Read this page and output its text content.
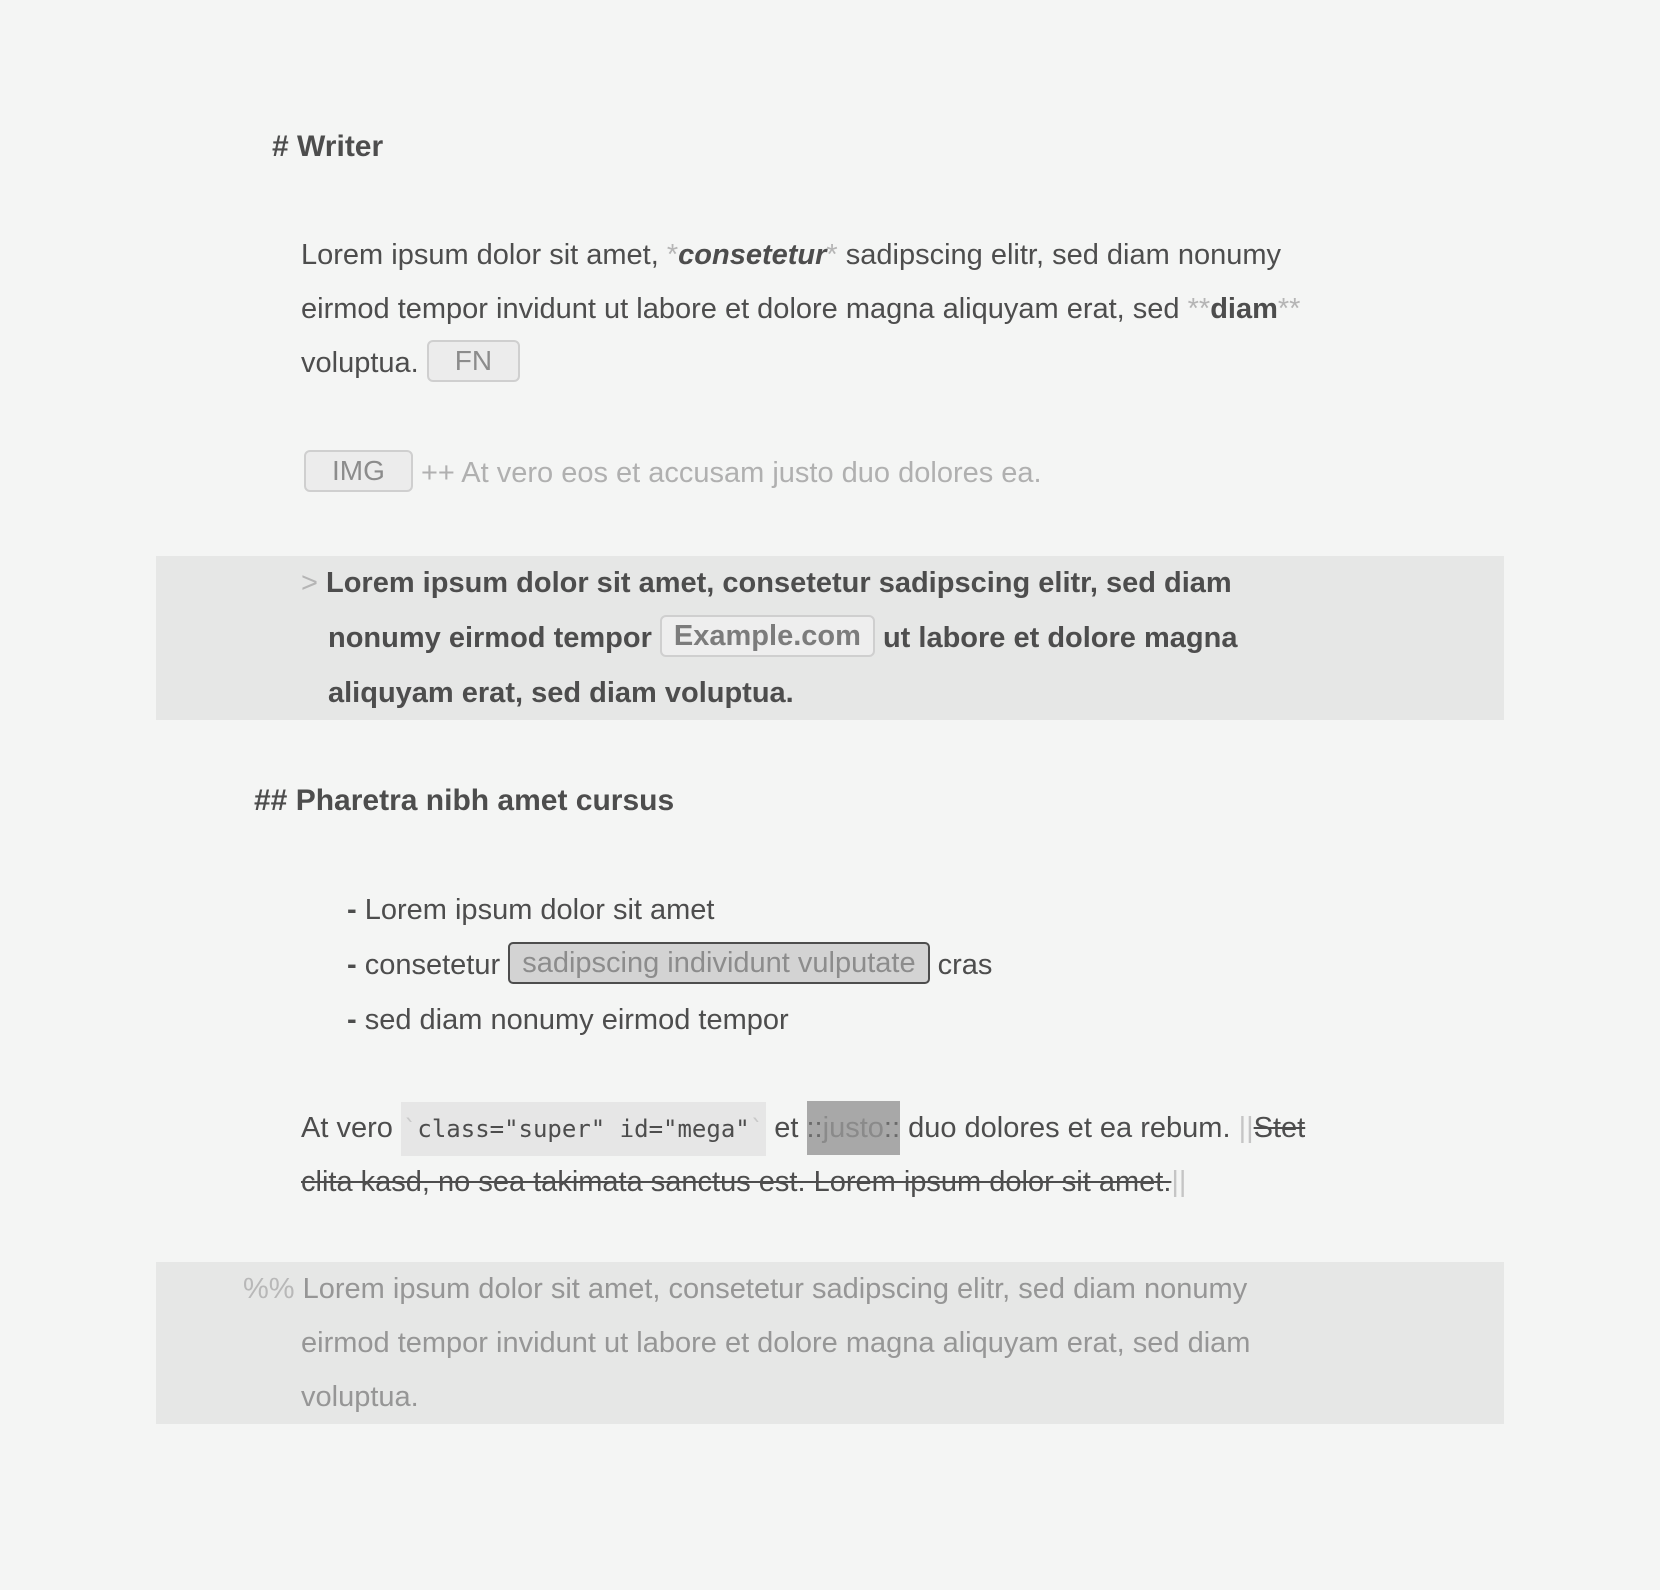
# Writer
Lorem ipsum dolor sit amet, *consetetur* sadipscing elitr, sed diam nonumy
eirmod tempor invidunt ut labore et dolore magna aliquyam erat, sed **diam**
voluptua. FN
IMG ++ At vero eos et accusam justo duo dolores ea.
> Lorem ipsum dolor sit amet, consetetur sadipscing elitr, sed diam
nonumy eirmod tempor Example.com ut labore et dolore magna
aliquyam erat, sed diam voluptua.
## Pharetra nibh amet cursus
- Lorem ipsum dolor sit amet
- consetetur sadipscing individunt vulputate cras
- sed diam nonumy eirmod tempor
At vero `class="super" id="mega"` et ::justo:: duo dolores et ea rebum. ||Stet
clita kasd, no sea takimata sanctus est. Lorem ipsum dolor sit amet.||
%% Lorem ipsum dolor sit amet, consetetur sadipscing elitr, sed diam nonumy
eirmod tempor invidunt ut labore et dolore magna aliquyam erat, sed diam
voluptua.
